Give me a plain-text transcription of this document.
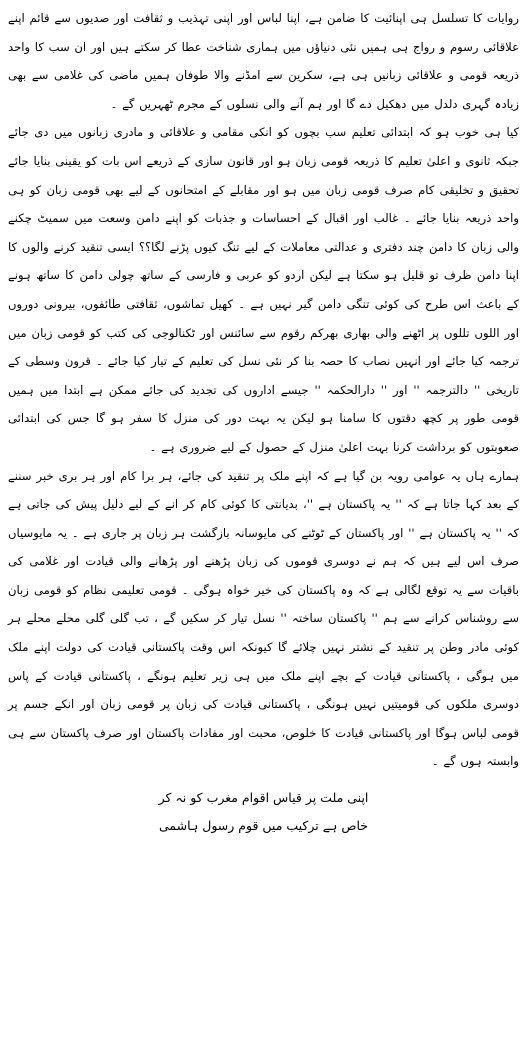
روایات کا تسلسل ہی اپنائیت کا ضامن ہے، اپنا لباس اور اپنی تہذیب و ثقافت اور صدیوں سے قائم اپنے علاقائی رسوم و رواج ہی ہمیں نئی دنیاؤں میں ہماری شناخت عطا کر سکتے ہیں اور ان سب کا واحد ذریعہ قومی و علاقائی زبانیں ہی ہے، سکرین سے امڈنے والا طوفان ہمیں ماضی کی غلامی سے بھی زیادہ گہری دلدل میں دھکیل دے گا اور ہم آنے والی نسلوں کے مجرم ٹھہریں گے ۔

کیا ہی خوب ہو کہ ابتدائی تعلیم سب بچوں کو انکی مقامی و علاقائی و مادری زبانوں میں دی جائے جبکہ ثانوی و اعلیٰ تعلیم کا ذریعہ قومی زبان ہو اور قانون سازی کے ذریعے اس بات کو یقینی بنایا جائے تحقیق و تخلیقی کام صرف قومی زبان میں ہو اور مقابلے کے امتحانوں کے لیے بھی قومی زبان کو ہی واحد ذریعہ بنایا جائے ۔ غالب اور اقبال کے احساسات و جذبات کو اپنے دامن وسعت میں سمیٹ چکنے والی زبان کا دامن چند دفتری و عدالتی معاملات کے لیے تنگ کیوں پڑنے لگا؟؟ ایسی تنقید کرنے والوں کا اپنا دامن ظرف تو قلیل ہو سکتا ہے لیکن اردو کو عربی و فارسی کے ساتھ چولی دامن کا ساتھ ہونے کے باعث اس طرح کی کوئی تنگی دامن گیر نہیں ہے ۔ کھیل تماشوں، ثقافتی طائفوں، بیرونی دوروں اور اللوں تللوں پر اٹھنے والی بھاری بھرکم رقوم سے سائنس اور ٹکنالوجی کی کتب کو قومی زبان میں ترجمہ کیا جائے اور انہیں نصاب کا حصہ بنا کر نئی نسل کی تعلیم کے تیار کیا جائے ۔ قرون وسطی کے تاریخی '' دالترجمہ '' اور '' دارالحکمہ '' جیسے اداروں کی تجدید کی جائے ممکن ہے ابتدا میں ہمیں قومی طور پر کچھ دقتوں کا سامنا ہو لیکن یہ بہت دور کی منزل کا سفر ہو گا جس کی ابتدائی صعوبتوں کو برداشت کرنا بہت اعلیٰ منزل کے حصول کے لیے ضروری ہے ۔

ہمارے ہاں یہ عوامی رویہ بن گیا ہے کہ اپنے ملک پر تنقید کی جائے، ہر برا کام اور ہر بری خبر سننے کے بعد کہا جاتا ہے کہ '' یہ پاکستان ہے ''، بدیانتی کا کوئی کام کر انے کے لیے دلیل پیش کی جاتی ہے کہ '' یہ پاکستان ہے '' اور پاکستان کے ٹوٹنے کی مایوسانہ بازگشت ہر زبان پر جاری ہے ۔ یہ مایوسیاں صرف اس لیے ہیں کہ ہم نے دوسری قوموں کی زبان پڑھنے اور پڑھانے والی قیادت اور غلامی کی باقیات سے یہ توقع لگالی ہے کہ وہ پاکستان کی خیر خواہ ہوگی ۔ قومی تعلیمی نظام کو قومی زبان سے روشناس کرانے سے ہم '' پاکستان ساختہ '' نسل تیار کر سکیں گے ، تب گلی گلی محلے محلے ہر کوئی مادر وطن پر تنقید کے نشتر نہیں چلائے گا کیونکہ اس وقت پاکستانی قیادت کی دولت اپنے ملک میں ہوگی ، پاکستانی قیادت کے بچے اپنے ملک میں ہی زیر تعلیم ہونگے ، پاکستانی قیادت کے پاس دوسری ملکوں کی قومیتیں نہیں ہونگی ، پاکستانی قیادت کی زبان پر قومی زبان اور انکے جسم پر قومی لباس ہوگا اور پاکستانی قیادت کا خلوص، محبت اور مفادات پاکستان اور صرف پاکستان سے ہی وابستہ ہوں گے ۔

اپنی ملت پر قیاس اقوام مغرب کو نہ کر
خاص ہے ترکیب میں قوم رسول ہاشمی
